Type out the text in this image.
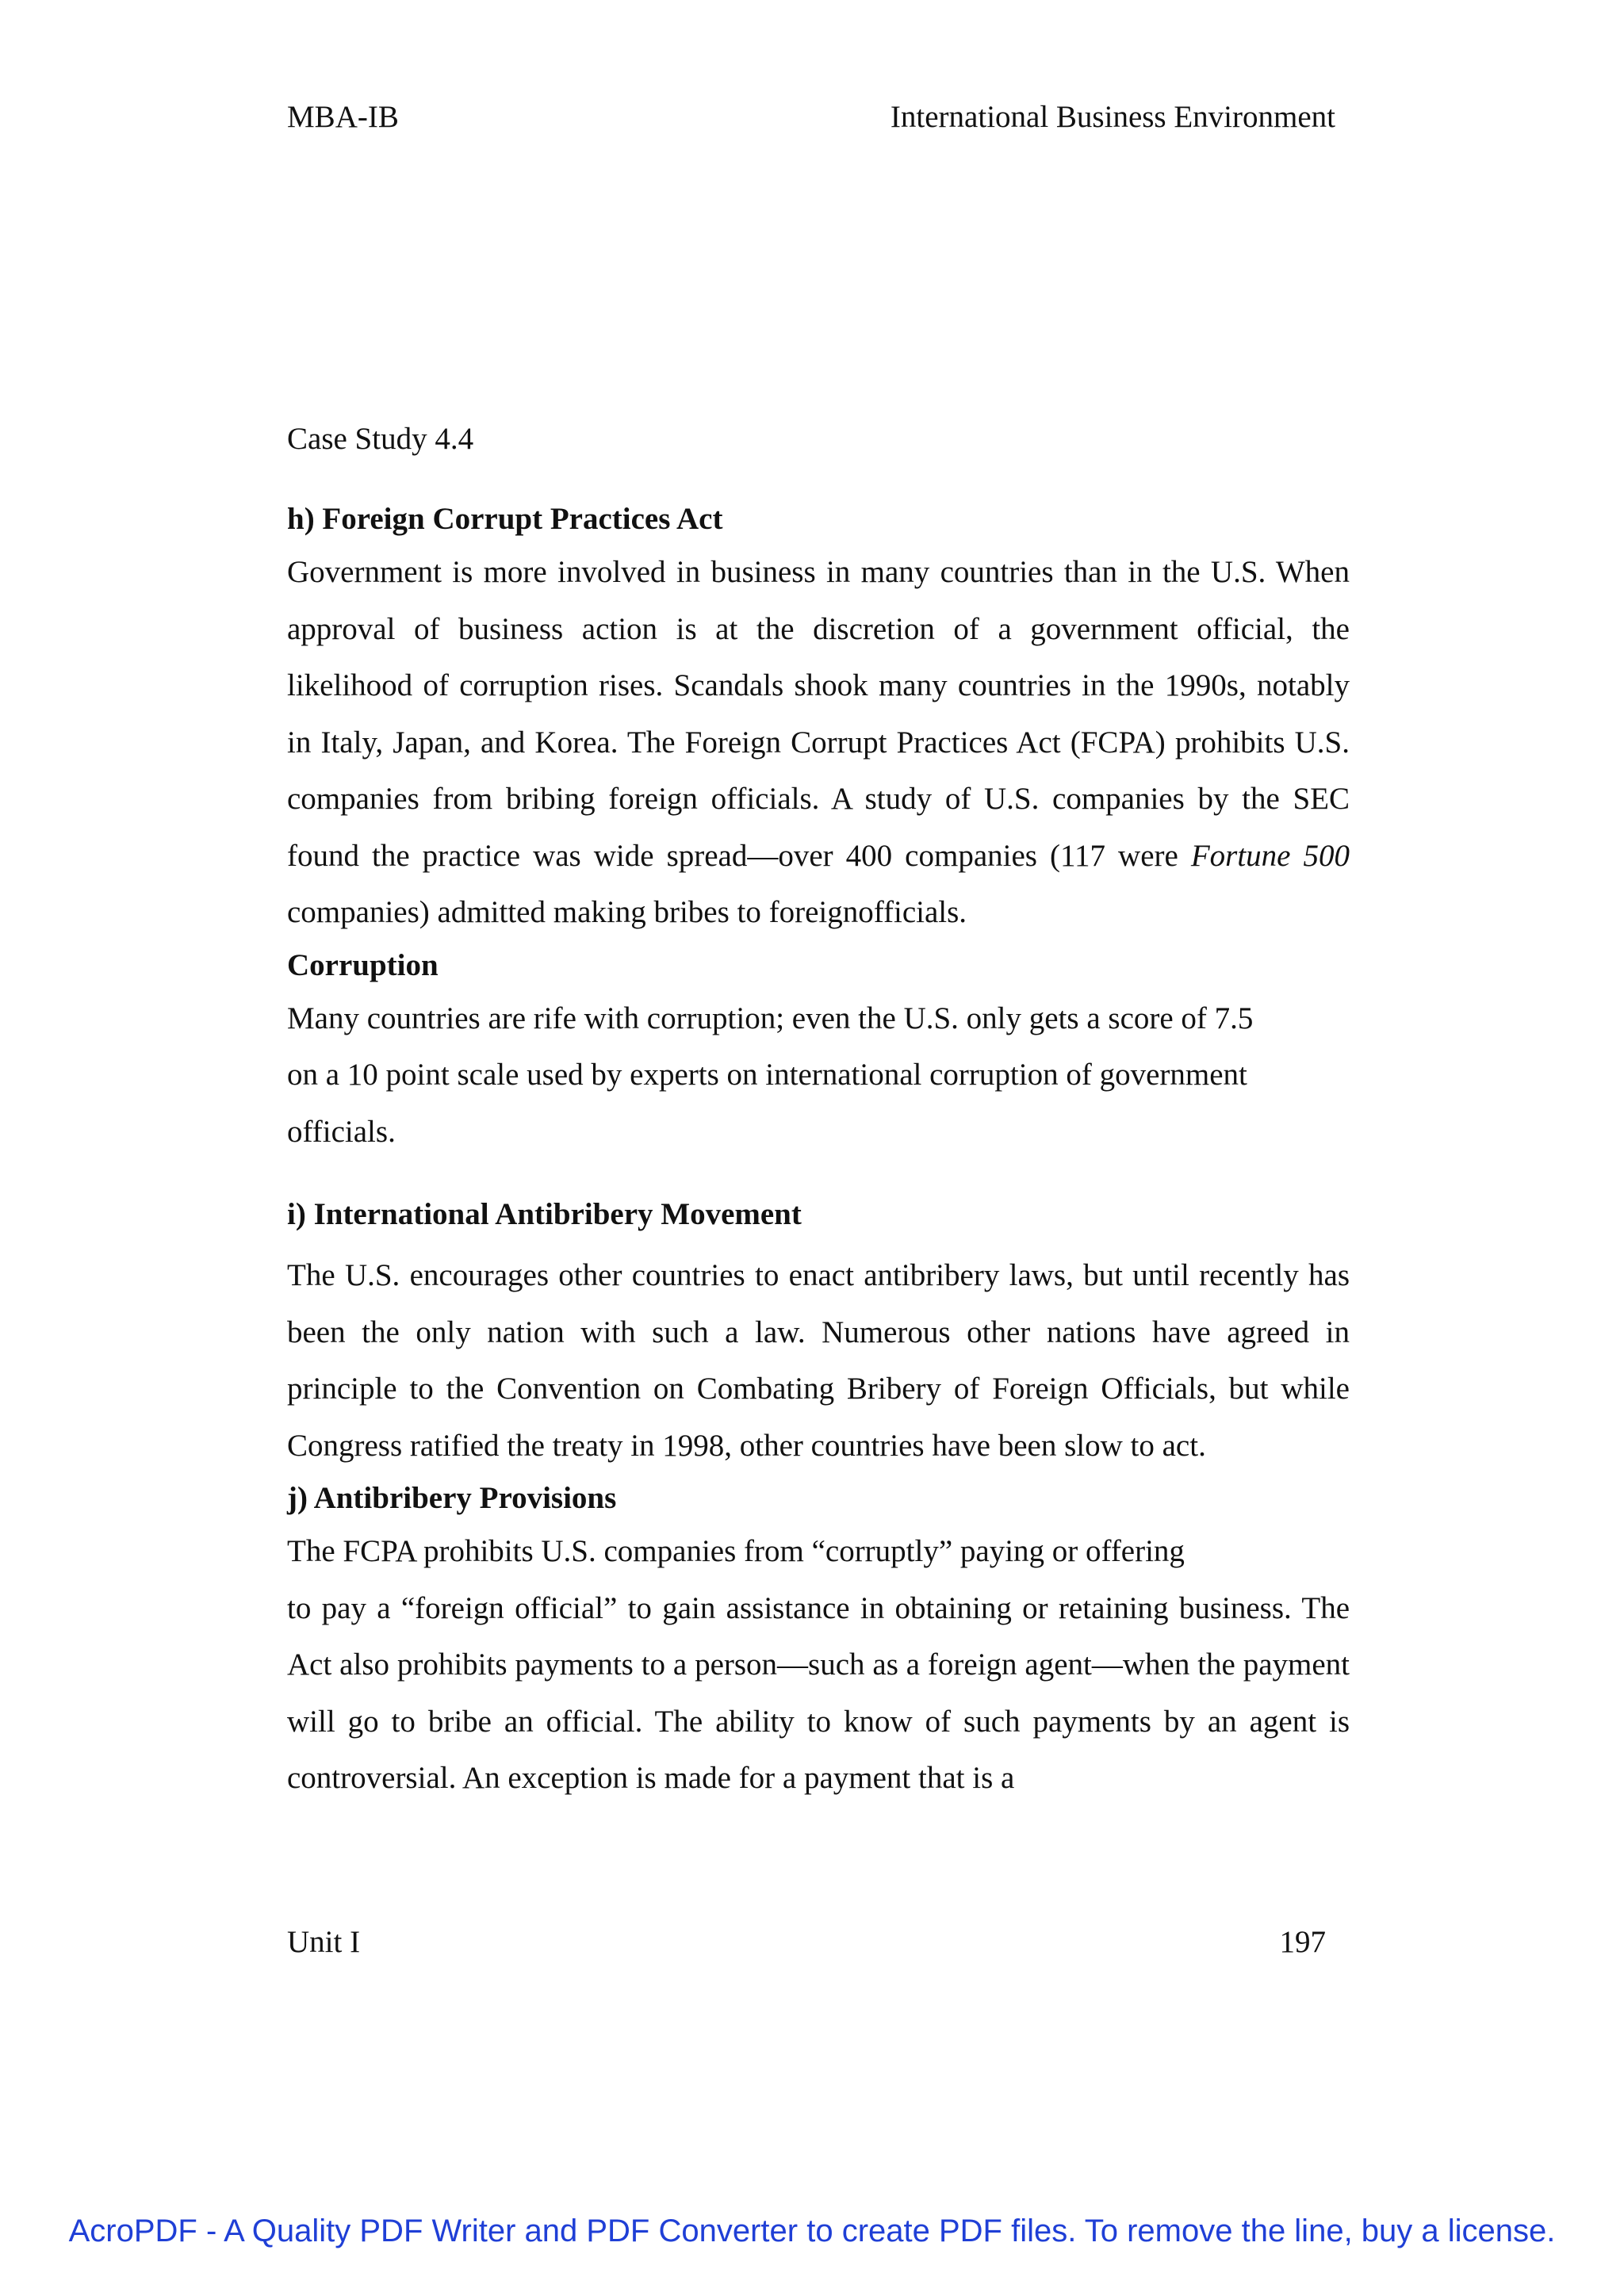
MBA-IB	International Business Environment

Case Study 4.4

h) Foreign Corrupt Practices Act

Government is more involved in business in many countries than in the U.S. When approval of business action is at the discretion of a government official, the likelihood of corruption rises. Scandals shook many countries in the 1990s, notably in Italy, Japan, and Korea. The Foreign Corrupt Practices Act (FCPA) prohibits U.S. companies from bribing foreign officials. A study of U.S. companies by the SEC found the practice was wide spread—over 400 companies (117 were Fortune 500 companies) admitted making bribes to foreignofficials.

Corruption

Many countries are rife with corruption; even the U.S. only gets a score of 7.5
on a 10 point scale used by experts on international corruption of government
officials.

i) International Antibribery Movement

The U.S. encourages other countries to enact antibribery laws, but until recently has been the only nation with such a law. Numerous other nations have agreed in principle to the Convention on Combating Bribery of Foreign Officials, but while Congress ratified the treaty in 1998, other countries have been slow to act.

j) Antibribery Provisions

The FCPA prohibits U.S. companies from “corruptly” paying or offering

to pay a “foreign official” to gain assistance in obtaining or retaining business. The Act also prohibits payments to a person—such as a foreign agent—when the payment will go to bribe an official. The ability to know of such payments by an agent is controversial. An exception is made for a payment that is a

Unit I	197
AcroPDF - A Quality PDF Writer and PDF Converter to create PDF files. To remove the line, buy a license.
